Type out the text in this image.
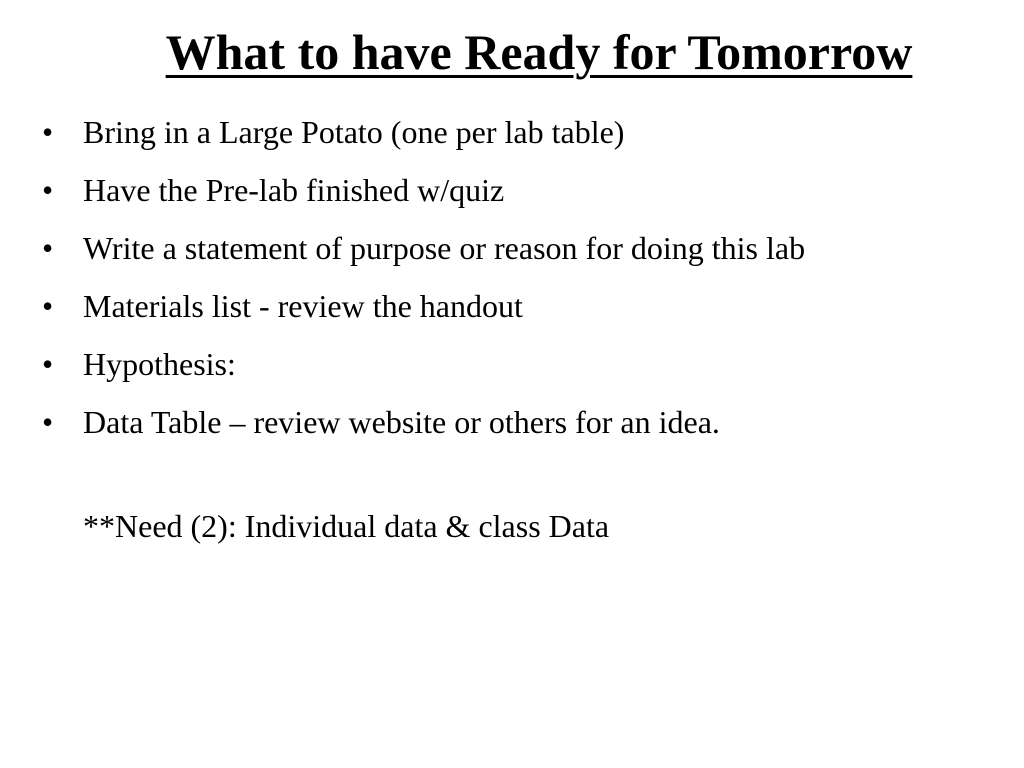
What to have Ready for Tomorrow
• Bring in a Large Potato (one per lab table)
• Have the Pre-lab finished w/quiz
• Write a statement of purpose or reason for doing this lab
• Materials list - review the handout
• Hypothesis:
• Data Table – review website or others for an idea.
**Need (2): Individual data & class Data
